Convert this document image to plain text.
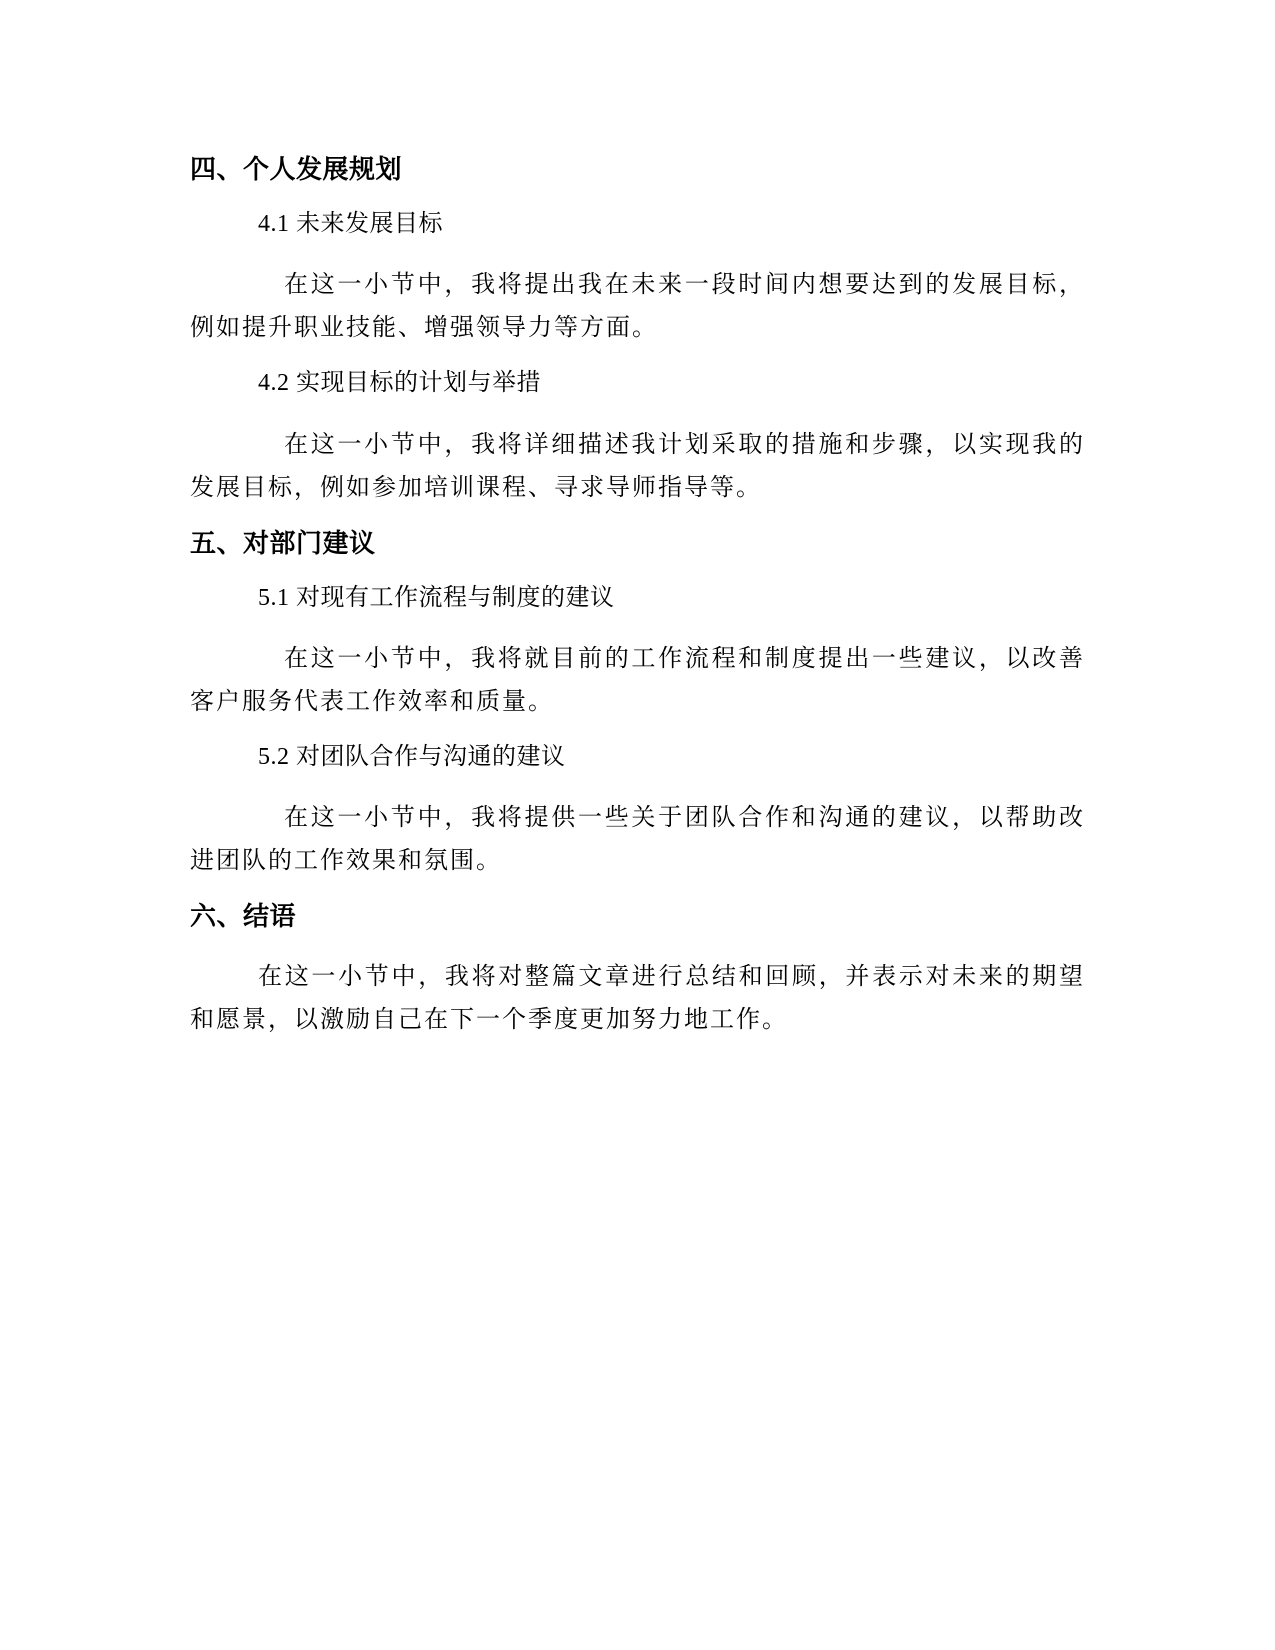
四、个人发展规划
4.1 未来发展目标

在这一小节中，我将提出我在未来一段时间内想要达到的发展目标，例如提升职业技能、增强领导力等方面。

4.2 实现目标的计划与举措

在这一小节中，我将详细描述我计划采取的措施和步骤，以实现我的发展目标，例如参加培训课程、寻求导师指导等。

五、对部门建议
5.1 对现有工作流程与制度的建议

在这一小节中，我将就目前的工作流程和制度提出一些建议，以改善客户服务代表工作效率和质量。

5.2 对团队合作与沟通的建议

在这一小节中，我将提供一些关于团队合作和沟通的建议，以帮助改进团队的工作效果和氛围。

六、结语

在这一小节中，我将对整篇文章进行总结和回顾，并表示对未来的期望和愿景，以激励自己在下一个季度更加努力地工作。
